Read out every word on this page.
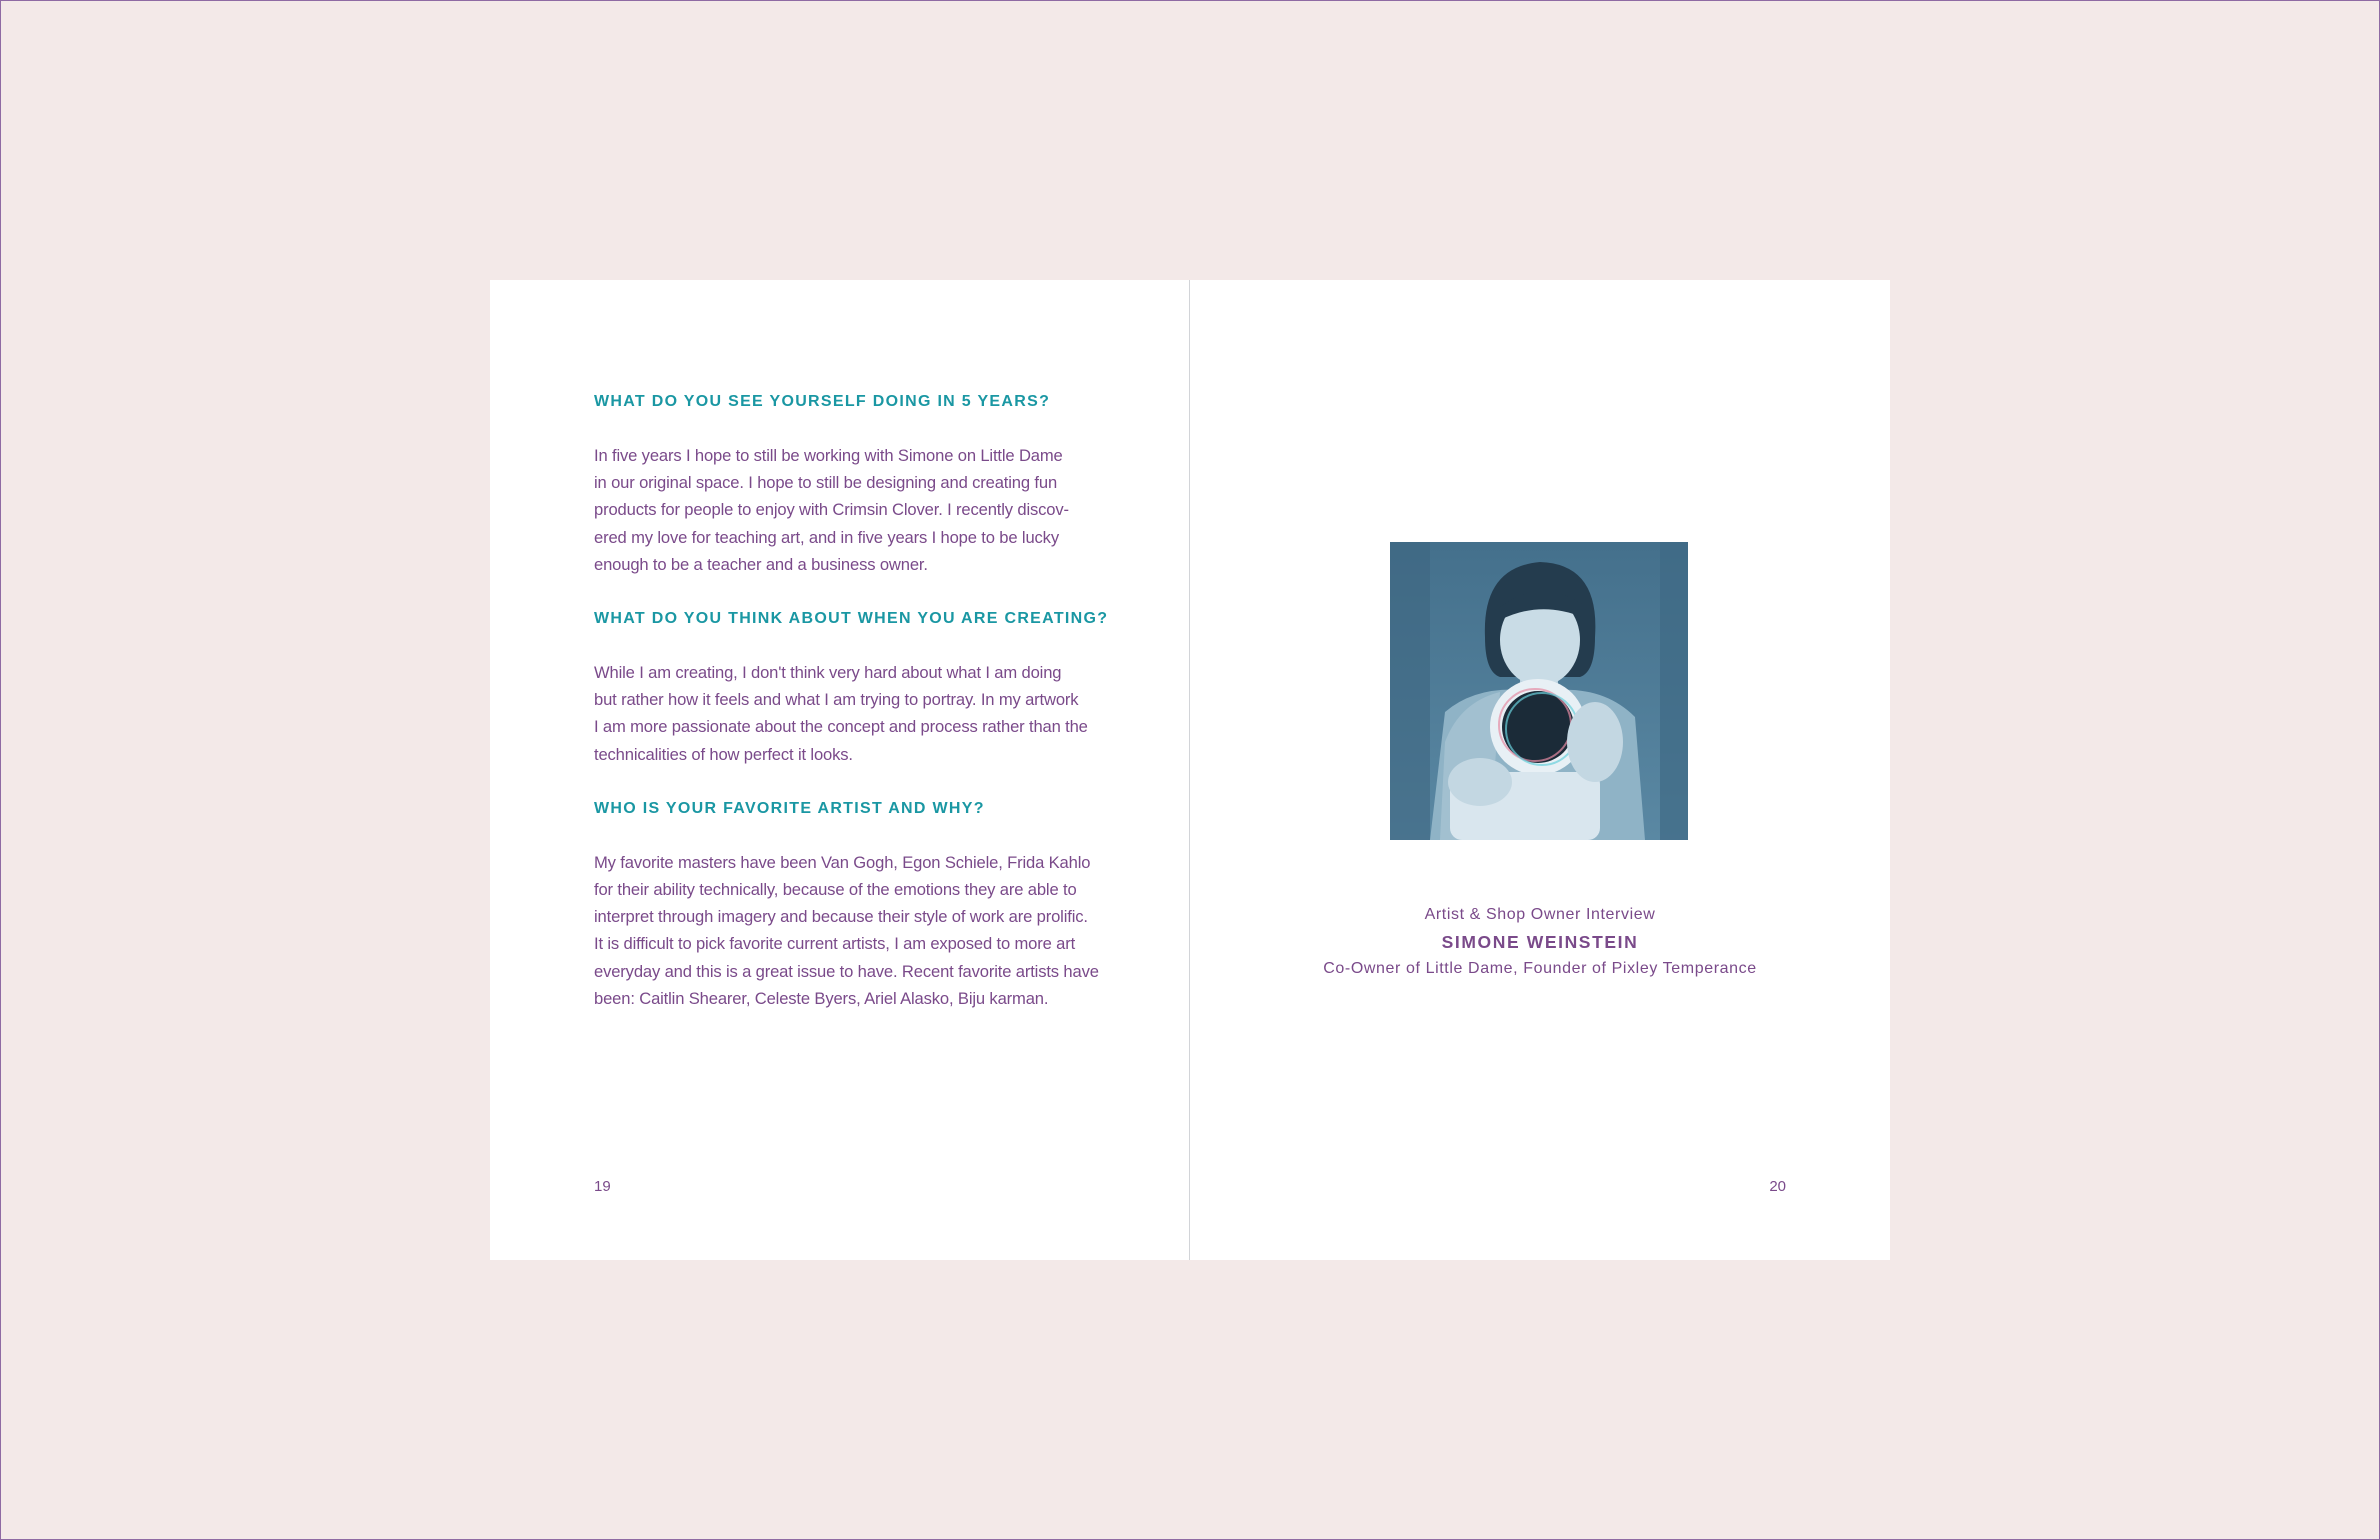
WHAT DO YOU SEE YOURSELF DOING IN 5 YEARS?

In five years I hope to still be working with Simone on Little Dame
in our original space. I hope to still be designing and creating fun
products for people to enjoy with Crimsin Clover. I recently discov-
ered my love for teaching art, and in five years I hope to be lucky
enough to be a teacher and a business owner.

WHAT DO YOU THINK ABOUT WHEN YOU ARE CREATING?

While I am creating, I don't think very hard about what I am doing
but rather how it feels and what I am trying to portray. In my artwork
I am more passionate about the concept and process rather than the
technicalities of how perfect it looks.

WHO IS YOUR FAVORITE ARTIST AND WHY?

My favorite masters have been Van Gogh, Egon Schiele, Frida Kahlo
for their ability technically, because of the emotions they are able to
interpret through imagery and because their style of work are prolific.
It is difficult to pick favorite current artists, I am exposed to more art
everyday and this is a great issue to have. Recent favorite artists have
been: Caitlin Shearer, Celeste Byers, Ariel Alasko, Biju karman.

19
Artist & Shop Owner Interview
SIMONE WEINSTEIN
Co-Owner of Little Dame, Founder of Pixley Temperance
20
